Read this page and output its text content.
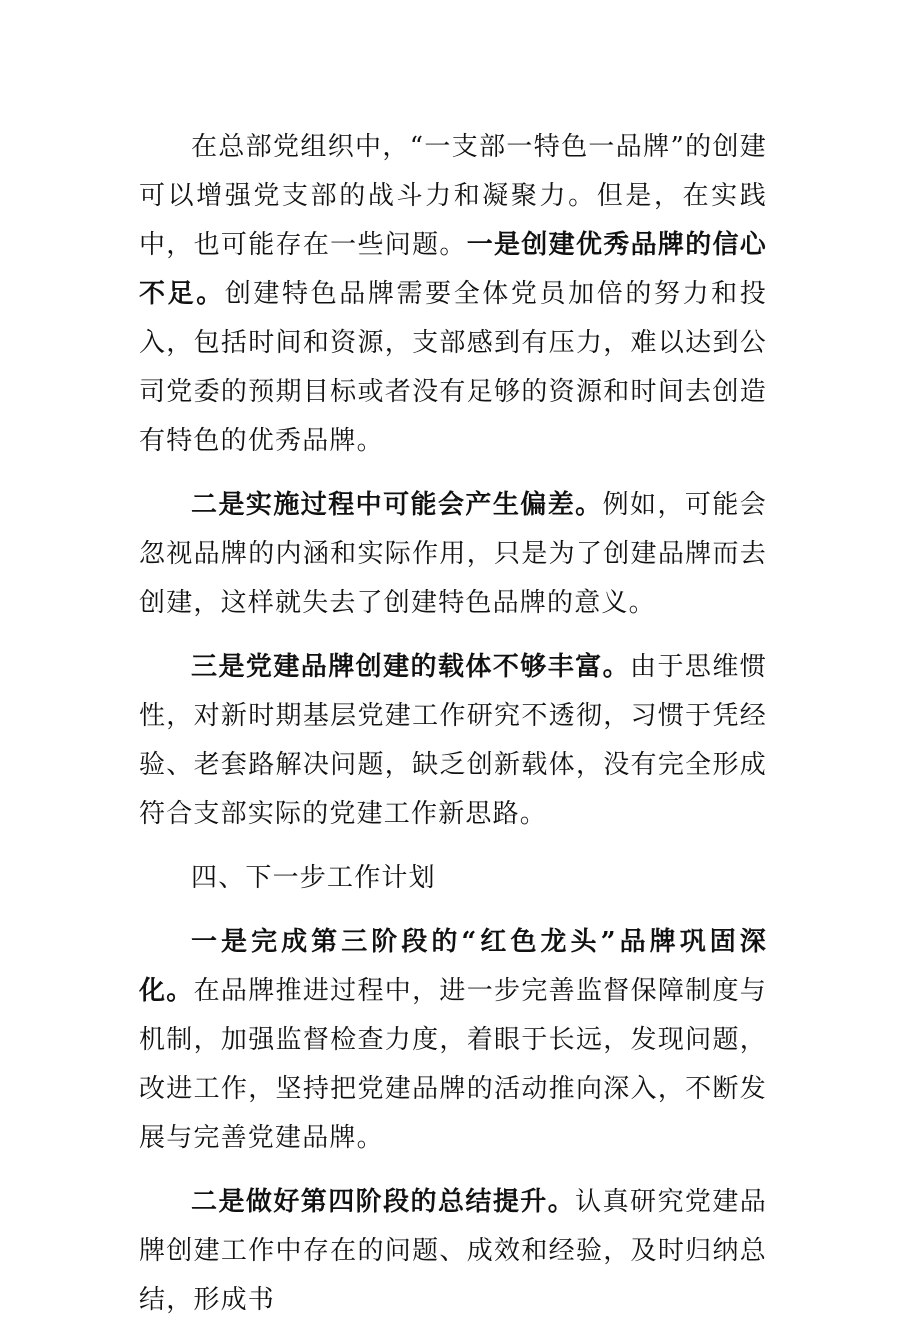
在总部党组织中，“一支部一特色一品牌”的创建可以增强党支部的战斗力和凝聚力。但是，在实践中，也可能存在一些问题。一是创建优秀品牌的信心不足。创建特色品牌需要全体党员加倍的努力和投入，包括时间和资源，支部感到有压力，难以达到公司党委的预期目标或者没有足够的资源和时间去创造有特色的优秀品牌。

二是实施过程中可能会产生偏差。例如，可能会忽视品牌的内涵和实际作用，只是为了创建品牌而去创建，这样就失去了创建特色品牌的意义。

三是党建品牌创建的载体不够丰富。由于思维惯性，对新时期基层党建工作研究不透彻，习惯于凭经验、老套路解决问题，缺乏创新载体，没有完全形成符合支部实际的党建工作新思路。

四、下一步工作计划

一是完成第三阶段的“红色龙头”品牌巩固深化。在品牌推进过程中，进一步完善监督保障制度与机制，加强监督检查力度，着眼于长远，发现问题，改进工作，坚持把党建品牌的活动推向深入，不断发展与完善党建品牌。

二是做好第四阶段的总结提升。认真研究党建品牌创建工作中存在的问题、成效和经验，及时归纳总结，形成书
